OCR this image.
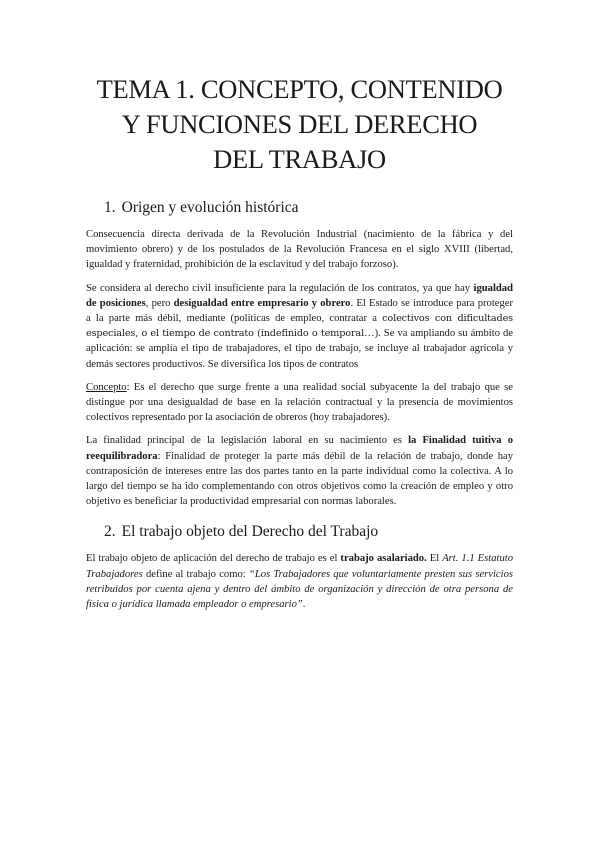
TEMA 1. CONCEPTO, CONTENIDO
Y FUNCIONES DEL DERECHO
DEL TRABAJO
1. Origen y evolución histórica

Consecuencia directa derivada de la Revolución Industrial (nacimiento de la fábrica y del movimiento obrero) y de los postulados de la Revolución Francesa en el siglo XVIII (libertad, igualdad y fraternidad, prohibición de la esclavitud y del trabajo forzoso).

Se considera al derecho civil insuficiente para la regulación de los contratos, ya que hay igualdad de posiciones, pero desigualdad entre empresario y obrero. El Estado se introduce para proteger a la parte más débil, mediante (políticas de empleo, contratar a colectivos con dificultades especiales, o el tiempo de contrato (indefinido o temporal…). Se va ampliando su ámbito de aplicación: se amplía el tipo de trabajadores, el tipo de trabajo, se incluye al trabajador agrícola y demás sectores productivos. Se diversifica los tipos de contratos

Concepto: Es el derecho que surge frente a una realidad social subyacente la del trabajo que se distingue por una desigualdad de base en la relación contractual y la presencia de movimientos colectivos representado por la asociación de obreros (hoy trabajadores).

La finalidad principal de la legislación laboral en su nacimiento es la Finalidad tuitiva o reequilibradora: Finalidad de proteger la parte más débil de la relación de trabajo, donde hay contraposición de intereses entre las dos partes tanto en la parte individual como la colectiva. A lo largo del tiempo se ha ido complementando con otros objetivos como la creación de empleo y otro objetivo es beneficiar la productividad empresarial con normas laborales.

2. El trabajo objeto del Derecho del Trabajo

El trabajo objeto de aplicación del derecho de trabajo es el trabajo asalariado. El Art. 1.1 Estatuto Trabajadores define al trabajo como: “Los Trabajadores que voluntariamente presten sus servicios retribuidos por cuenta ajena y dentro del ámbito de organización y dirección de otra persona de física o jurídica llamada empleador o empresario”.
